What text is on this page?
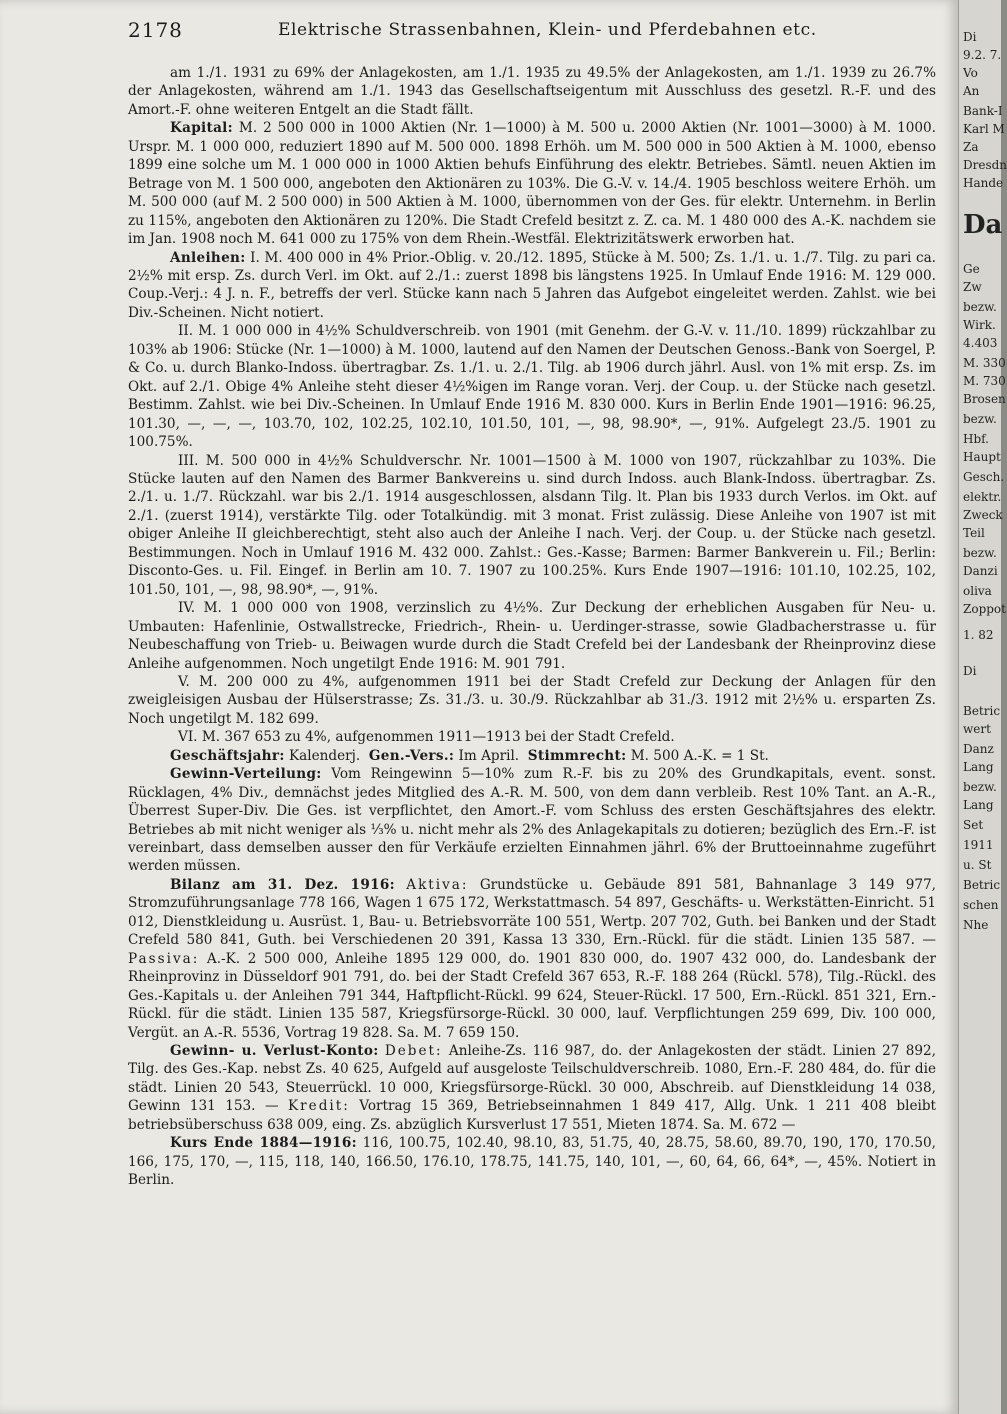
2178	Elektrische Strassenbahnen, Klein- und Pferdebahnen etc.

am 1./1. 1931 zu 69% der Anlagekosten, am 1./1. 1935 zu 49.5% der Anlagekosten, am 1./1. 1939 zu 26.7% der Anlagekosten, während am 1./1. 1943 das Gesellschaftseigentum mit Ausschluss des gesetzl. R.-F. und des Amort.-F. ohne weiteren Entgelt an die Stadt fällt.

Kapital: M. 2 500 000 in 1000 Aktien (Nr. 1—1000) à M. 500 u. 2000 Aktien (Nr. 1001—3000) à M. 1000. Urspr. M. 1 000 000, reduziert 1890 auf M. 500 000. 1898 Erhöh. um M. 500 000 in 500 Aktien à M. 1000, ebenso 1899 eine solche um M. 1 000 000 in 1000 Aktien behufs Einführung des elektr. Betriebes. Sämtl. neuen Aktien im Betrage von M. 1 500 000, angeboten den Aktionären zu 103%. Die G.-V. v. 14./4. 1905 beschloss weitere Erhöh. um M. 500 000 (auf M. 2 500 000) in 500 Aktien à M. 1000, übernommen von der Ges. für elektr. Unternehm. in Berlin zu 115%, angeboten den Aktionären zu 120%. Die Stadt Crefeld besitzt z. Z. ca. M. 1 480 000 des A.-K. nachdem sie im Jan. 1908 noch M. 641 000 zu 175% von dem Rhein.-Westfäl. Elektrizitätswerk erworben hat.

Anleihen: I. M. 400 000 in 4% Prior.-Oblig. v. 20./12. 1895, Stücke à M. 500; Zs. 1./1. u. 1./7. Tilg. zu pari ca. 2½% mit ersp. Zs. durch Verl. im Okt. auf 2./1.: zuerst 1898 bis längstens 1925. In Umlauf Ende 1916: M. 129 000. Coup.-Verj.: 4 J. n. F., betreffs der verl. Stücke kann nach 5 Jahren das Aufgebot eingeleitet werden. Zahlst. wie bei Div.-Scheinen. Nicht notiert.

II. M. 1 000 000 in 4½% Schuldverschreib. von 1901 (mit Genehm. der G.-V. v. 11./10. 1899) rückzahlbar zu 103% ab 1906: Stücke (Nr. 1—1000) à M. 1000, lautend auf den Namen der Deutschen Genoss.-Bank von Soergel, P. & Co. u. durch Blanko-Indoss. übertragbar. Zs. 1./1. u. 2./1. Tilg. ab 1906 durch jährl. Ausl. von 1% mit ersp. Zs. im Okt. auf 2./1. Obige 4% Anleihe steht dieser 4½%igen im Range voran. Verj. der Coup. u. der Stücke nach gesetzl. Bestimm. Zahlst. wie bei Div.-Scheinen. In Umlauf Ende 1916 M. 830 000. Kurs in Berlin Ende 1901—1916: 96.25, 101.30, —, —, —, 103.70, 102, 102.25, 102.10, 101.50, 101, —, 98, 98.90*, —, 91%. Aufgelegt 23./5. 1901 zu 100.75%.

III. M. 500 000 in 4½% Schuldverschr. Nr. 1001—1500 à M. 1000 von 1907, rückzahlbar zu 103%. Die Stücke lauten auf den Namen des Barmer Bankvereins u. sind durch Indoss. auch Blank-Indoss. übertragbar. Zs. 2./1. u. 1./7. Rückzahl. war bis 2./1. 1914 ausgeschlossen, alsdann Tilg. lt. Plan bis 1933 durch Verlos. im Okt. auf 2./1. (zuerst 1914), verstärkte Tilg. oder Totalkündig. mit 3 monat. Frist zulässig. Diese Anleihe von 1907 ist mit obiger Anleihe II gleichberechtigt, steht also auch der Anleihe I nach. Verj. der Coup. u. der Stücke nach gesetzl. Bestimmungen. Noch in Umlauf 1916 M. 432 000. Zahlst.: Ges.-Kasse; Barmen: Barmer Bankverein u. Fil.; Berlin: Disconto-Ges. u. Fil. Eingef. in Berlin am 10. 7. 1907 zu 100.25%. Kurs Ende 1907—1916: 101.10, 102.25, 102, 101.50, 101, —, 98, 98.90*, —, 91%.

IV. M. 1 000 000 von 1908, verzinslich zu 4½%. Zur Deckung der erheblichen Ausgaben für Neu- u. Umbauten: Hafenlinie, Ostwallstrecke, Friedrich-, Rhein- u. Uerdinger-strasse, sowie Gladbacherstrasse u. für Neubeschaffung von Trieb- u. Beiwagen wurde durch die Stadt Crefeld bei der Landesbank der Rheinprovinz diese Anleihe aufgenommen. Noch ungetilgt Ende 1916: M. 901 791.

V. M. 200 000 zu 4%, aufgenommen 1911 bei der Stadt Crefeld zur Deckung der Anlagen für den zweigleisigen Ausbau der Hülserstrasse; Zs. 31./3. u. 30./9. Rückzahlbar ab 31./3. 1912 mit 2½% u. ersparten Zs. Noch ungetilgt M. 182 699.

VI. M. 367 653 zu 4%, aufgenommen 1911—1913 bei der Stadt Crefeld.

Geschäftsjahr: Kalenderj. Gen.-Vers.: Im April. Stimmrecht: M. 500 A.-K. = 1 St.

Gewinn-Verteilung: Vom Reingewinn 5—10% zum R.-F. bis zu 20% des Grundkapitals, event. sonst. Rücklagen, 4% Div., demnächst jedes Mitglied des A.-R. M. 500, von dem dann verbleib. Rest 10% Tant. an A.-R., Überrest Super-Div. Die Ges. ist verpflichtet, den Amort.-F. vom Schluss des ersten Geschäftsjahres des elektr. Betriebes ab mit nicht weniger als ⅓% u. nicht mehr als 2% des Anlagekapitals zu dotieren; bezüglich des Ern.-F. ist vereinbart, dass demselben ausser den für Verkäufe erzielten Einnahmen jährl. 6% der Bruttoeinnahme zugeführt werden müssen.

Bilanz am 31. Dez. 1916: Aktiva: Grundstücke u. Gebäude 891 581, Bahnanlage 3 149 977, Stromzuführungsanlage 778 166, Wagen 1 675 172, Werkstattmasch. 54 897, Geschäfts- u. Werkstätten-Einricht. 51 012, Dienstkleidung u. Ausrüst. 1, Bau- u. Betriebsvorräte 100 551, Wertp. 207 702, Guth. bei Banken und der Stadt Crefeld 580 841, Guth. bei Verschiedenen 20 391, Kassa 13 330, Ern.-Rückl. für die städt. Linien 135 587. — Passiva: A.-K. 2 500 000, Anleihe 1895 129 000, do. 1901 830 000, do. 1907 432 000, do. Landesbank der Rheinprovinz in Düsseldorf 901 791, do. bei der Stadt Crefeld 367 653, R.-F. 188 264 (Rückl. 578), Tilg.-Rückl. des Ges.-Kapitals u. der Anleihen 791 344, Haftpflicht-Rückl. 99 624, Steuer-Rückl. 17 500, Ern.-Rückl. 851 321, Ern.-Rückl. für die städt. Linien 135 587, Kriegsfürsorge-Rückl. 30 000, lauf. Verpflichtungen 259 699, Div. 100 000, Vergüt. an A.-R. 5536, Vortrag 19 828. Sa. M. 7 659 150.

Gewinn- u. Verlust-Konto: Debet: Anleihe-Zs. 116 987, do. der Anlagekosten der städt. Linien 27 892, Tilg. des Ges.-Kap. nebst Zs. 40 625, Aufgeld auf ausgeloste Teilschuldverschreib. 1080, Ern.-F. 280 484, do. für die städt. Linien 20 543, Steuerrückl. 10 000, Kriegsfürsorge-Rückl. 30 000, Abschreib. auf Dienstkleidung 14 038, Gewinn 131 153. — Kredit: Vortrag 15 369, Betriebseinnahmen 1 849 417, Allg. Unk. 1 211 408 bleibt betriebsüberschuss 638 009, eing. Zs. abzüglich Kursverlust 17 551, Mieten 1874. Sa. M. 672 —

Kurs Ende 1884—1916: 116, 100.75, 102.40, 98.10, 83, 51.75, 40, 28.75, 58.60, 89.70, 190, 170, 170.50, 166, 175, 170, —, 115, 118, 140, 166.50, 176.10, 178.75, 141.75, 140, 101, —, 60, 64, 66, 64*, —, 45%. Notiert in Berlin.

Di
9.2. 7.
Vo
An
Bank-I
Karl M
Za
Dresdn
Hande
Da
Ge
Zw
bezw.
Wirk.
4.403
M. 330
M. 730
Brosen
bezw.
Hbf.
Haupt
Gesch.
elektr.
Zweck
Teil
bezw.
Danzi
oliva
Zoppot
1. 82
Di
Betric
wert
Danz
Lang
bezw.
Lang
Set
1911
u. St
Betric
schen
Nhe
